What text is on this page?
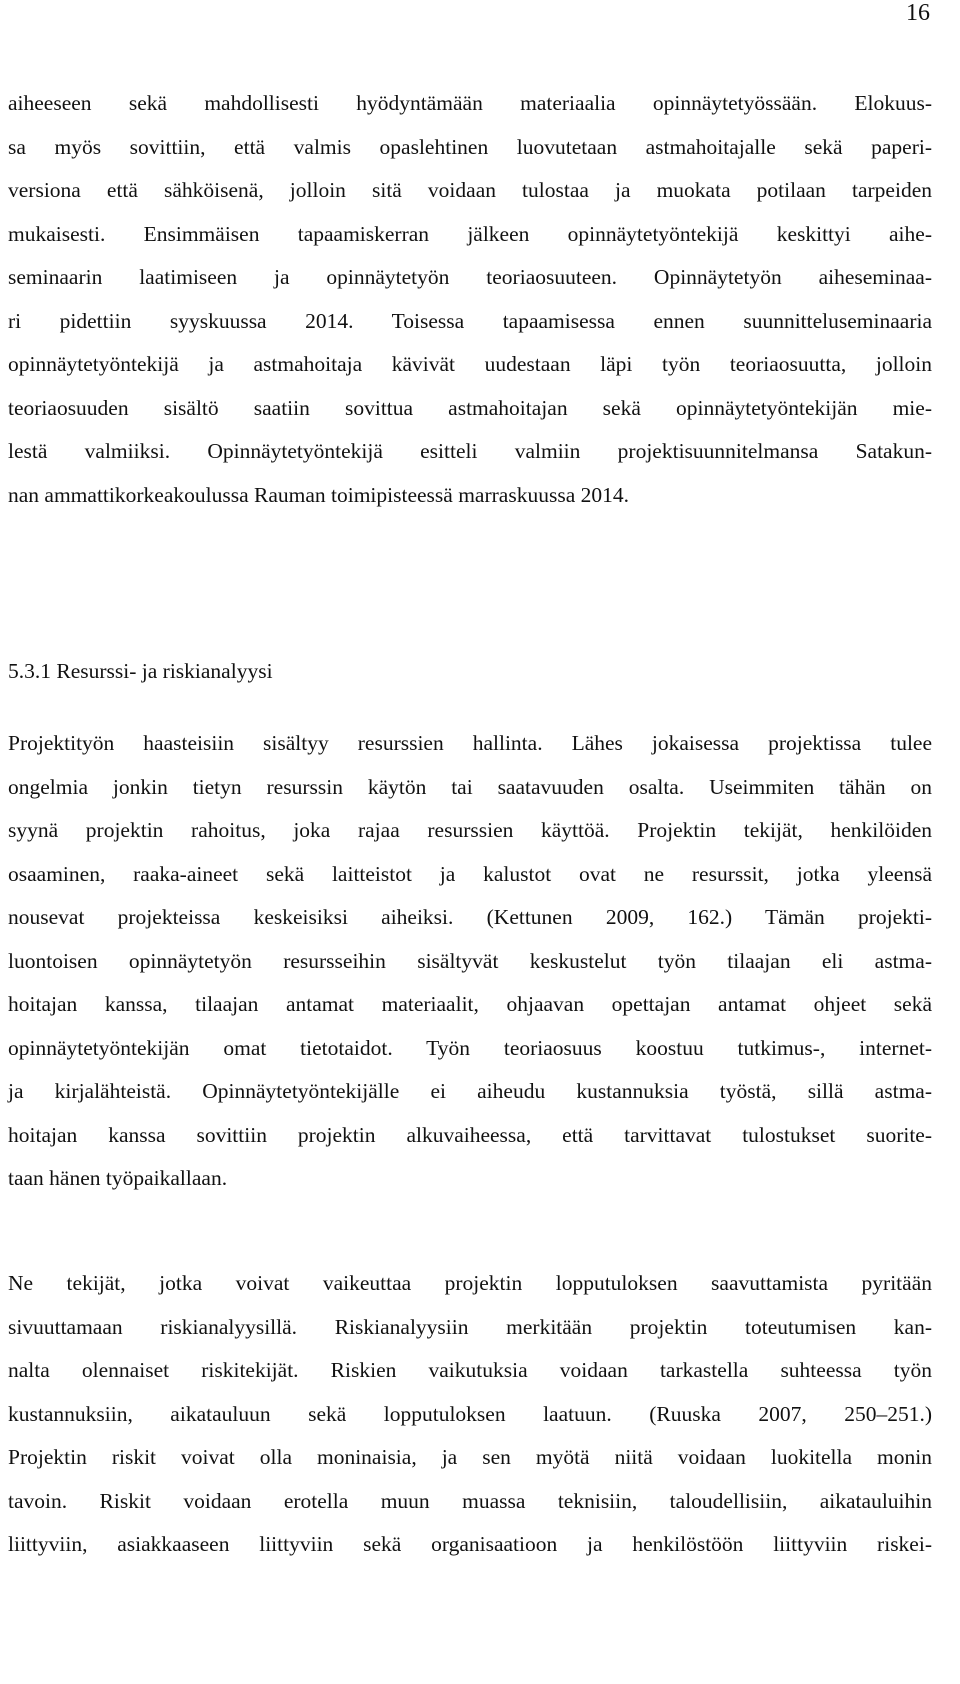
16
aiheeseen sekä mahdollisesti hyödyntämään materiaalia opinnäytetyössään. Elokuus-
sa myös sovittiin, että valmis opaslehtinen luovutetaan astmahoitajalle sekä paperi-
versiona että sähköisenä, jolloin sitä voidaan tulostaa ja muokata potilaan tarpeiden
mukaisesti. Ensimmäisen tapaamiskerran jälkeen opinnäytetyöntekijä keskittyi aihe-
seminaarin laatimiseen ja opinnäytetyön teoriaosuuteen. Opinnäytetyön aiheseminaa-
ri pidettiin syyskuussa 2014. Toisessa tapaamisessa ennen suunnitteluseminaaria
opinnäytetyöntekijä ja astmahoitaja kävivät uudestaan läpi työn teoriaosuutta, jolloin
teoriaosuuden sisältö saatiin sovittua astmahoitajan sekä opinnäytetyöntekijän mie-
lestä valmiiksi. Opinnäytetyöntekijä esitteli valmiin projektisuunnitelmansa Satakun-
nan ammattikorkeakoulussa Rauman toimipisteessä marraskuussa 2014.
5.3.1 Resurssi- ja riskianalyysi
Projektityön haasteisiin sisältyy resurssien hallinta. Lähes jokaisessa projektissa tulee
ongelmia jonkin tietyn resurssin käytön tai saatavuuden osalta. Useimmiten tähän on
syynä projektin rahoitus, joka rajaa resurssien käyttöä. Projektin tekijät, henkilöiden
osaaminen, raaka-aineet sekä laitteistot ja kalustot ovat ne resurssit, jotka yleensä
nousevat projekteissa keskeisiksi aiheiksi. (Kettunen 2009, 162.) Tämän projekti-
luontoisen opinnäytetyön resursseihin sisältyvät keskustelut työn tilaajan eli astma-
hoitajan kanssa, tilaajan antamat materiaalit, ohjaavan opettajan antamat ohjeet sekä
opinnäytetyöntekijän omat tietotaidot. Työn teoriaosuus koostuu tutkimus-, internet-
ja kirjalähteistä. Opinnäytetyöntekijälle ei aiheudu kustannuksia työstä, sillä astma-
hoitajan kanssa sovittiin projektin alkuvaiheessa, että tarvittavat tulostukset suorite-
taan hänen työpaikallaan.
Ne tekijät, jotka voivat vaikeuttaa projektin lopputuloksen saavuttamista pyritään
sivuuttamaan riskianalyysillä. Riskianalyysiin merkitään projektin toteutumisen kan-
nalta olennaiset riskitekijät. Riskien vaikutuksia voidaan tarkastella suhteessa työn
kustannuksiin, aikatauluun sekä lopputuloksen laatuun. (Ruuska 2007, 250–251.)
Projektin riskit voivat olla moninaisia, ja sen myötä niitä voidaan luokitella monin
tavoin. Riskit voidaan erotella muun muassa teknisiin, taloudellisiin, aikatauluihin
liittyviin, asiakkaaseen liittyviin sekä organisaatioon ja henkilöstöön liittyviin riskei-
